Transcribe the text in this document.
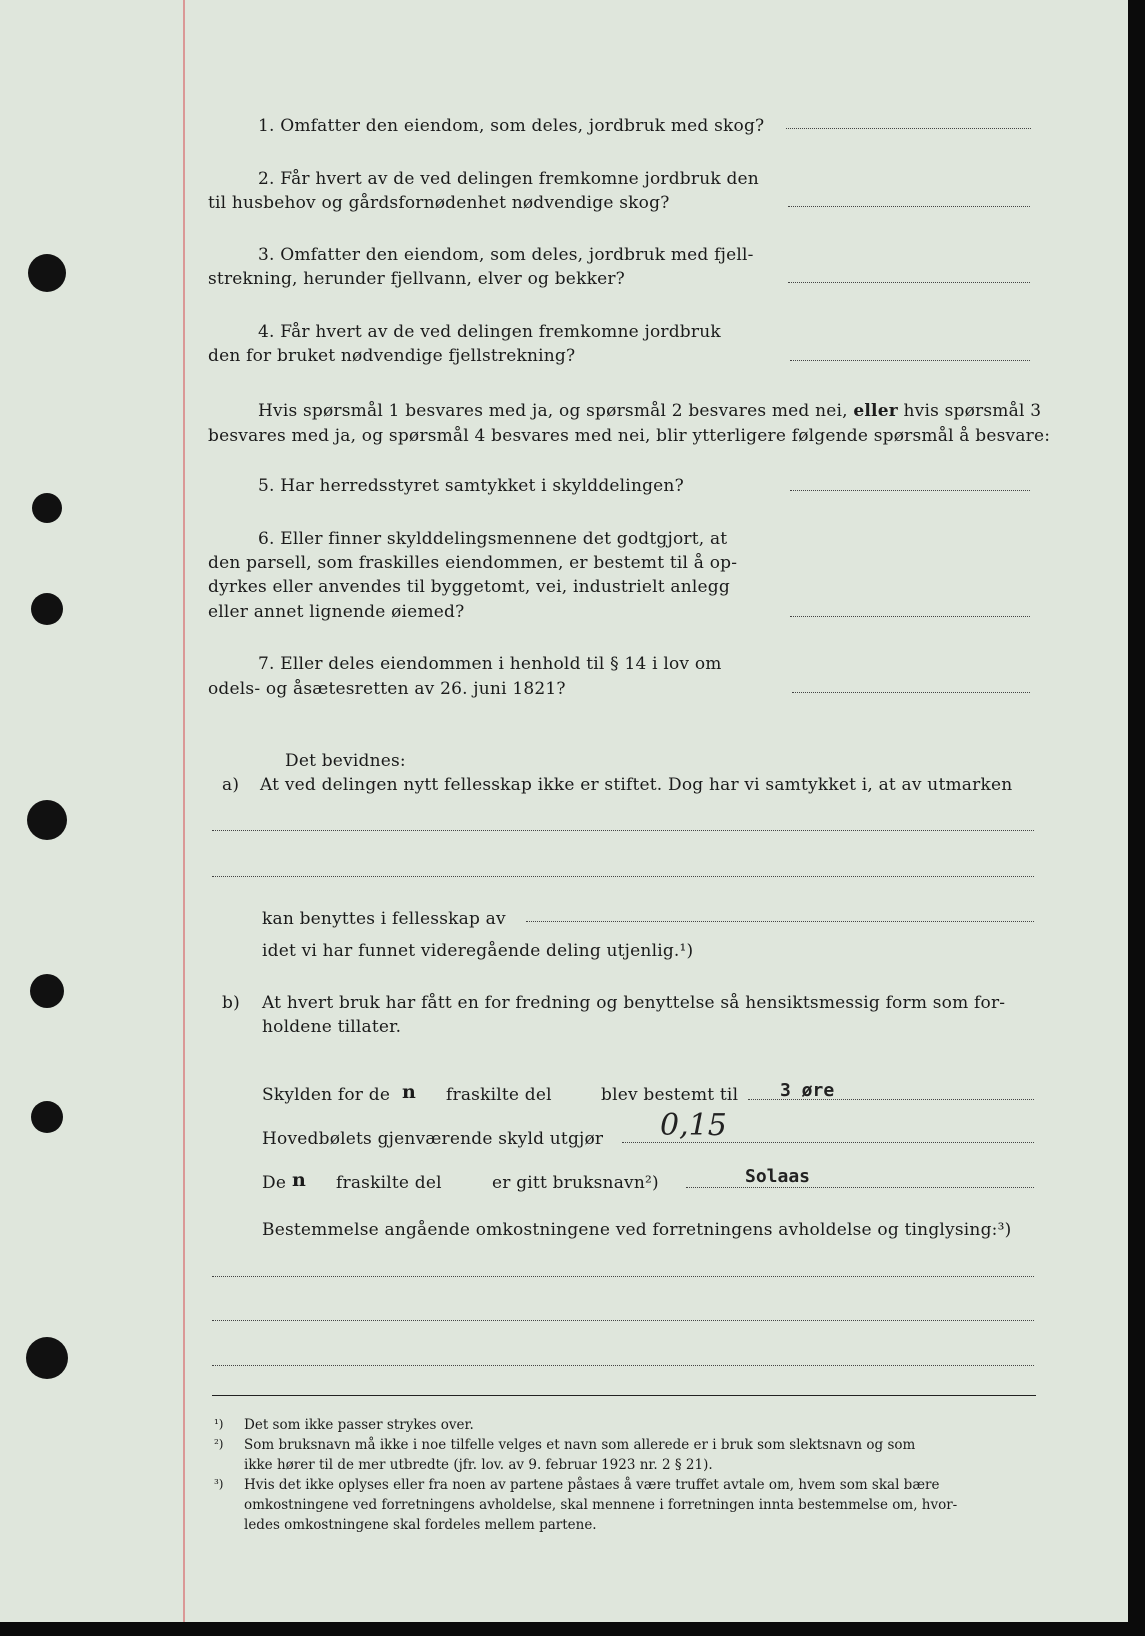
1. Omfatter den eiendom, som deles, jordbruk med skog?
2. Får hvert av de ved delingen fremkomne jordbruk den
til husbehov og gårdsfornødenhet nødvendige skog?
3. Omfatter den eiendom, som deles, jordbruk med fjell-
strekning, herunder fjellvann, elver og bekker?
4. Får hvert av de ved delingen fremkomne jordbruk
den for bruket nødvendige fjellstrekning?
Hvis spørsmål 1 besvares med ja, og spørsmål 2 besvares med nei, eller hvis spørsmål 3
besvares med ja, og spørsmål 4 besvares med nei, blir ytterligere følgende spørsmål å besvare:
5. Har herredsstyret samtykket i skylddelingen?
6. Eller finner skylddelingsmennene det godtgjort, at
den parsell, som fraskilles eiendommen, er bestemt til å op-
dyrkes eller anvendes til byggetomt, vei, industrielt anlegg
eller annet lignende øiemed?
7. Eller deles eiendommen i henhold til § 14 i lov om
odels- og åsætesretten av 26. juni 1821?
Det bevidnes:
a) At ved delingen nytt fellesskap ikke er stiftet. Dog har vi samtykket i, at av utmarken
kan benyttes i fellesskap av
idet vi har funnet videregående deling utjenlig.¹)
b) At hvert bruk har fått en for fredning og benyttelse så hensiktsmessig form som for-
holdene tillater.
Skylden for de n fraskilte del	blev bestemt til 3 øre
Hovedbølets gjenværende skyld utgjør 0,15
De n fraskilte del	er gitt bruksnavn²)	Solaas
Bestemmelse angående omkostningene ved forretningens avholdelse og tinglysing:³)
¹) Det som ikke passer strykes over.
²) Som bruksnavn må ikke i noe tilfelle velges et navn som allerede er i bruk som slektsnavn og som
ikke hører til de mer utbredte (jfr. lov. av 9. februar 1923 nr. 2 § 21).
³) Hvis det ikke oplyses eller fra noen av partene påstaes å være truffet avtale om, hvem som skal bære
omkostningene ved forretningens avholdelse, skal mennene i forretningen innta bestemmelse om, hvor-
ledes omkostningene skal fordeles mellem partene.
